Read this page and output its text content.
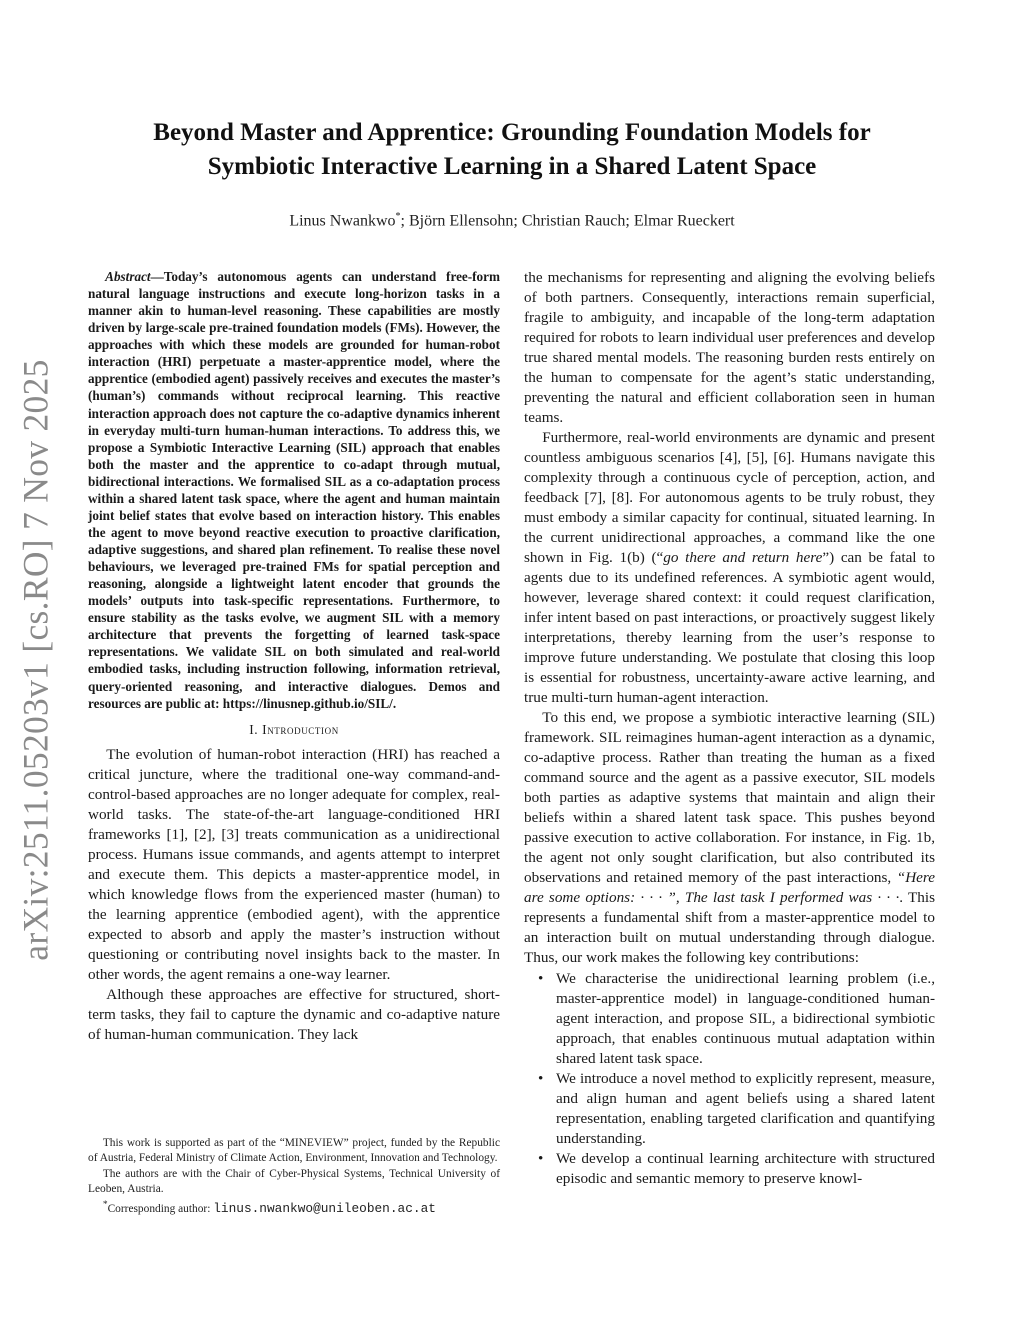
arXiv:2511.05203v1 [cs.RO] 7 Nov 2025
Beyond Master and Apprentice: Grounding Foundation Models for
Symbiotic Interactive Learning in a Shared Latent Space
Linus Nwankwo*; Björn Ellensohn; Christian Rauch; Elmar Rueckert

Abstract—Today’s autonomous agents can understand free-form natural language instructions and execute long-horizon tasks in a manner akin to human-level reasoning. These capabilities are mostly driven by large-scale pre-trained foundation models (FMs). However, the approaches with which these models are grounded for human-robot interaction (HRI) perpetuate a master-apprentice model, where the apprentice (embodied agent) passively receives and executes the master’s (human’s) commands without reciprocal learning. This reactive interaction approach does not capture the co-adaptive dynamics inherent in everyday multi-turn human-human interactions. To address this, we propose a Symbiotic Interactive Learning (SIL) approach that enables both the master and the apprentice to co-adapt through mutual, bidirectional interactions. We formalised SIL as a co-adaptation process within a shared latent task space, where the agent and human maintain joint belief states that evolve based on interaction history. This enables the agent to move beyond reactive execution to proactive clarification, adaptive suggestions, and shared plan refinement. To realise these novel behaviours, we leveraged pre-trained FMs for spatial perception and reasoning, alongside a lightweight latent encoder that grounds the models’ outputs into task-specific representations. Furthermore, to ensure stability as the tasks evolve, we augment SIL with a memory architecture that prevents the forgetting of learned task-space representations. We validate SIL on both simulated and real-world embodied tasks, including instruction following, information retrieval, query-oriented reasoning, and interactive dialogues. Demos and resources are public at: https://linusnep.github.io/SIL/.

I. Introduction

The evolution of human-robot interaction (HRI) has reached a critical juncture, where the traditional one-way command-and-control-based approaches are no longer adequate for complex, real-world tasks. The state-of-the-art language-conditioned HRI frameworks [1], [2], [3] treats communication as a unidirectional process. Humans issue commands, and agents attempt to interpret and execute them. This depicts a master-apprentice model, in which knowledge flows from the experienced master (human) to the learning apprentice (embodied agent), with the apprentice expected to absorb and apply the master’s instruction without questioning or contributing novel insights back to the master. In other words, the agent remains a one-way learner.

Although these approaches are effective for structured, short-term tasks, they fail to capture the dynamic and co-adaptive nature of human-human communication. They lack

This work is supported as part of the “MINEVIEW” project, funded by the Republic of Austria, Federal Ministry of Climate Action, Environment, Innovation and Technology.

The authors are with the Chair of Cyber-Physical Systems, Technical University of Leoben, Austria.

*Corresponding author: linus.nwankwo@unileoben.ac.at

the mechanisms for representing and aligning the evolving beliefs of both partners. Consequently, interactions remain superficial, fragile to ambiguity, and incapable of the long-term adaptation required for robots to learn individual user preferences and develop true shared mental models. The reasoning burden rests entirely on the human to compensate for the agent’s static understanding, preventing the natural and efficient collaboration seen in human teams.

Furthermore, real-world environments are dynamic and present countless ambiguous scenarios [4], [5], [6]. Humans navigate this complexity through a continuous cycle of perception, action, and feedback [7], [8]. For autonomous agents to be truly robust, they must embody a similar capacity for continual, situated learning. In the current unidirectional approaches, a command like the one shown in Fig. 1(b) (“go there and return here”) can be fatal to agents due to its undefined references. A symbiotic agent would, however, leverage shared context: it could request clarification, infer intent based on past interactions, or proactively suggest likely interpretations, thereby learning from the user’s response to improve future understanding. We postulate that closing this loop is essential for robustness, uncertainty-aware active learning, and true multi-turn human-agent interaction.

To this end, we propose a symbiotic interactive learning (SIL) framework. SIL reimagines human-agent interaction as a dynamic, co-adaptive process. Rather than treating the human as a fixed command source and the agent as a passive executor, SIL models both parties as adaptive systems that maintain and align their beliefs within a shared latent task space. This pushes beyond passive execution to active collaboration. For instance, in Fig. 1b, the agent not only sought clarification, but also contributed its observations and retained memory of the past interactions, “Here are some options: · · · ”, The last task I performed was · · ·. This represents a fundamental shift from a master-apprentice model to an interaction built on mutual understanding through dialogue. Thus, our work makes the following key contributions:

• We characterise the unidirectional learning problem (i.e., master-apprentice model) in language-conditioned human-agent interaction, and propose SIL, a bidirectional symbiotic approach, that enables continuous mutual adaptation within shared latent task space.
• We introduce a novel method to explicitly represent, measure, and align human and agent beliefs using a shared latent representation, enabling targeted clarification and quantifying understanding.
• We develop a continual learning architecture with structured episodic and semantic memory to preserve knowl-
